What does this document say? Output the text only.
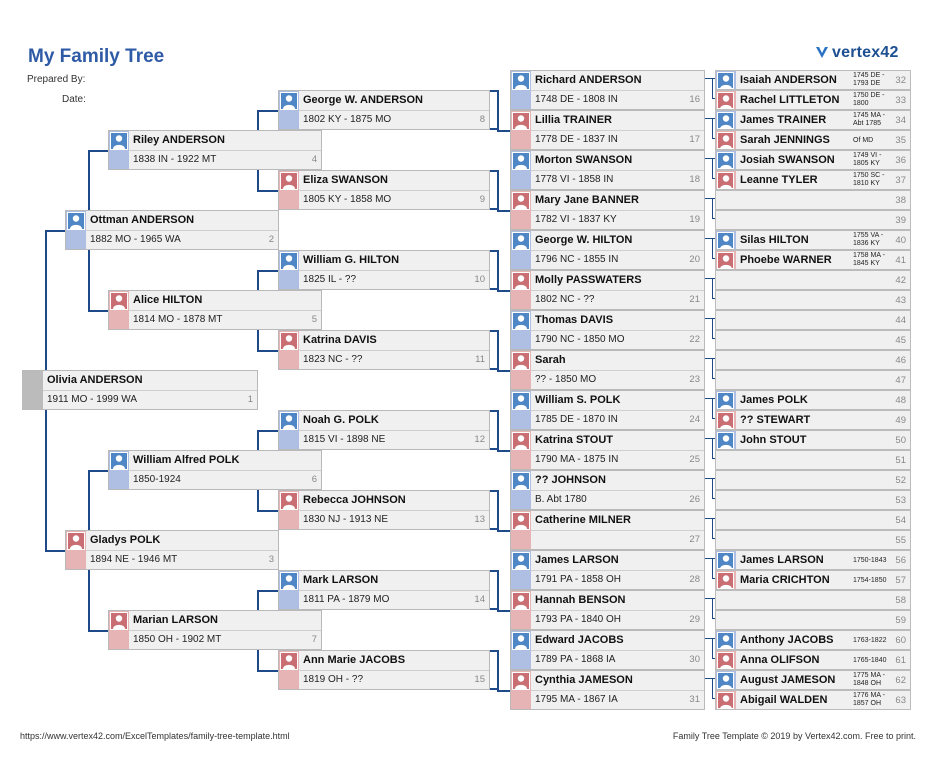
My Family Tree
Prepared By:
Date:
vertex42
https://www.vertex42.com/ExcelTemplates/family-tree-template.html	Family Tree Template © 2019 by Vertex42.com. Free to print.
Olivia ANDERSON
1911 MO - 1999 WA	1
Ottman ANDERSON
1882 MO - 1965 WA	2
Gladys POLK
1894 NE - 1946 MT	3
Riley ANDERSON
1838 IN - 1922 MT	4
Alice HILTON
1814 MO - 1878 MT	5
William Alfred POLK
1850-1924	6
Marian LARSON
1850 OH - 1902 MT	7
George W. ANDERSON
1802 KY - 1875 MO	8
Eliza SWANSON
1805 KY - 1858 MO	9
William G. HILTON
1825 IL - ??	10
Katrina DAVIS
1823 NC - ??	11
Noah G. POLK
1815 VI - 1898 NE	12
Rebecca JOHNSON
1830 NJ - 1913 NE	13
Mark LARSON
1811 PA - 1879 MO	14
Ann Marie JACOBS
1819 OH - ??	15
Richard ANDERSON
1748 DE - 1808 IN	16
Lillia TRAINER
1778 DE - 1837 IN	17
Morton SWANSON
1778 VI - 1858 IN	18
Mary Jane BANNER
1782 VI - 1837 KY	19
George W. HILTON
1796 NC - 1855 IN	20
Molly PASSWATERS
1802 NC - ??	21
Thomas DAVIS
1790 NC - 1850 MO	22
Sarah
?? - 1850 MO	23
William S. POLK
1785 DE - 1870 IN	24
Katrina STOUT
1790 MA - 1875 IN	25
?? JOHNSON
B. Abt 1780	26
Catherine MILNER
27
James LARSON
1791 PA - 1858 OH	28
Hannah BENSON
1793 PA - 1840 OH	29
Edward JACOBS
1789 PA - 1868 IA	30
Cynthia JAMESON
1795 MA - 1867 IA	31
Isaiah ANDERSON 1745 DE -
1793 DE	32
Rachel LITTLETON 1750 DE -
1800	33
James TRAINER	1745 MA -
Abt 1785	34
Sarah JENNINGS	Of MD 35
Josiah SWANSON	1749 VI -
1805 KY 36
Leanne TYLER	1750 SC -
1810 KY	37
38
39
Silas HILTON	1755 VA -
1836 KY	40
Phoebe WARNER	1758 MA -
1845 KY	41
42
43
44
45
46
47
James POLK	48
?? STEWART	49
John STOUT	50
51
52
53
54
55
James LARSON	1750-1843 56
Maria CRICHTON	1754-1850 57
58
59
Anthony JACOBS	1763-1822 60
Anna OLIFSON	1765-1840 61
August JAMESON	1775 MA -
1848 OH	62
Abigail WALDEN	1776 MA -
1857 OH	63
